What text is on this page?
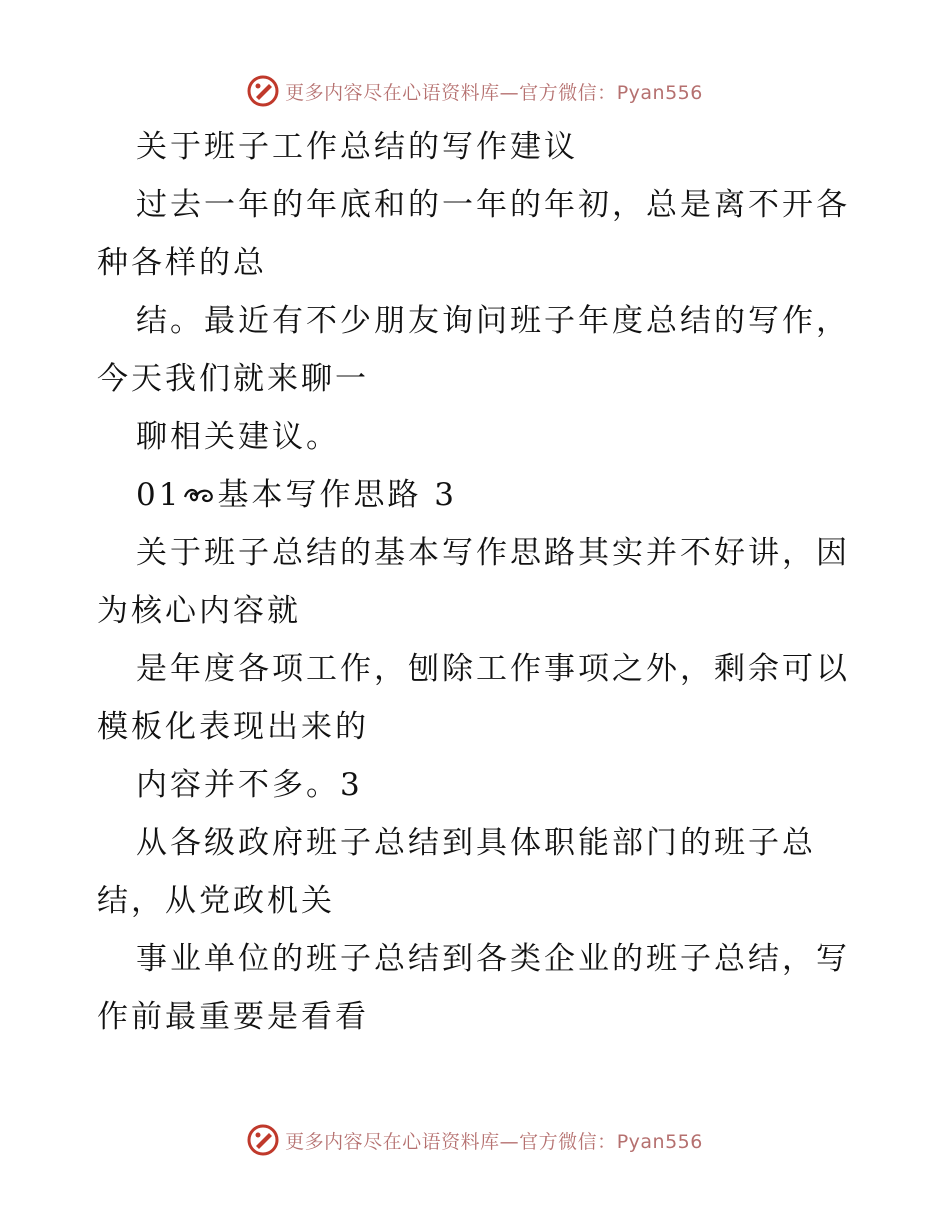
更多内容尽在心语资料库—官方微信：Pyan556

关于班子工作总结的写作建议

过去一年的年底和的一年的年初，总是离不开各

种各样的总

结。最近有不少朋友询问班子年度总结的写作，

今天我们就来聊一

聊相关建议。

01 基本写作思路 3

关于班子总结的基本写作思路其实并不好讲，因

为核心内容就

是年度各项工作，刨除工作事项之外，剩余可以

模板化表现出来的

内容并不多。3

从各级政府班子总结到具体职能部门的班子总

结，从党政机关

事业单位的班子总结到各类企业的班子总结，写

作前最重要是看看

更多内容尽在心语资料库—官方微信：Pyan556
